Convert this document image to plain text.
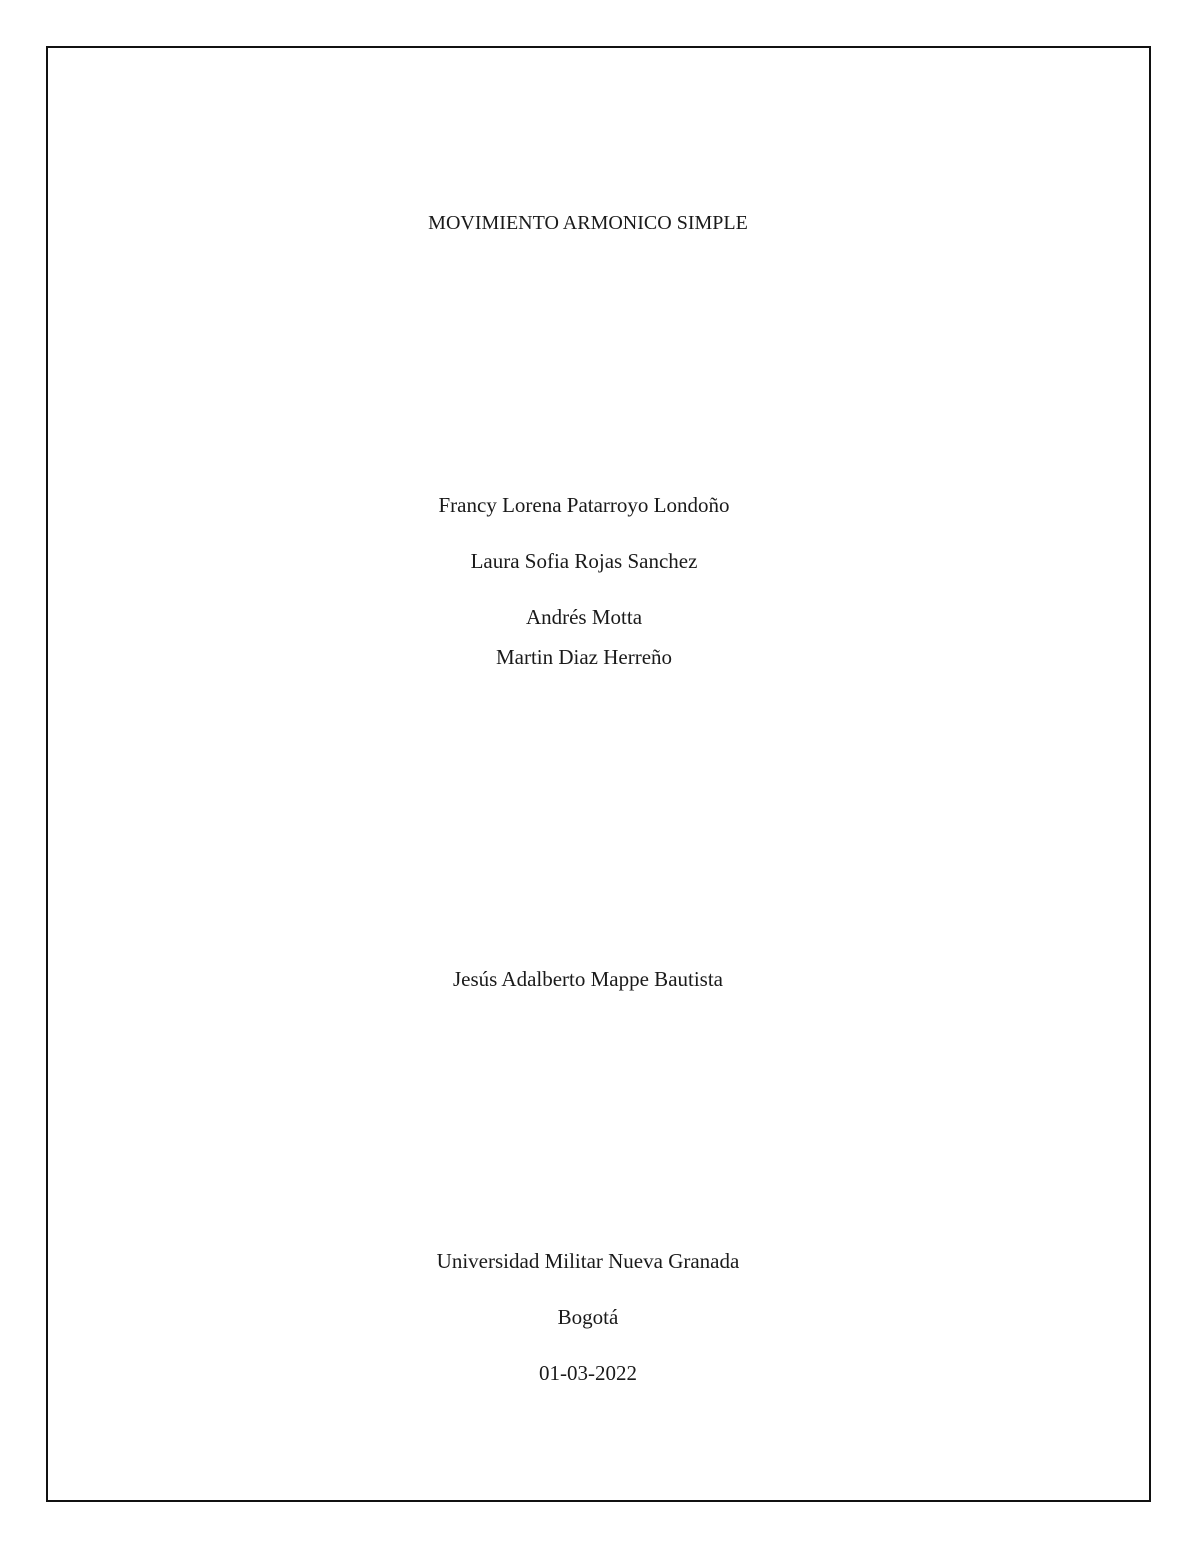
MOVIMIENTO ARMONICO SIMPLE
Francy Lorena Patarroyo Londoño
Laura Sofia Rojas Sanchez
Andrés Motta
Martin Diaz Herreño
Jesús Adalberto Mappe Bautista
Universidad Militar Nueva Granada
Bogotá
01-03-2022
